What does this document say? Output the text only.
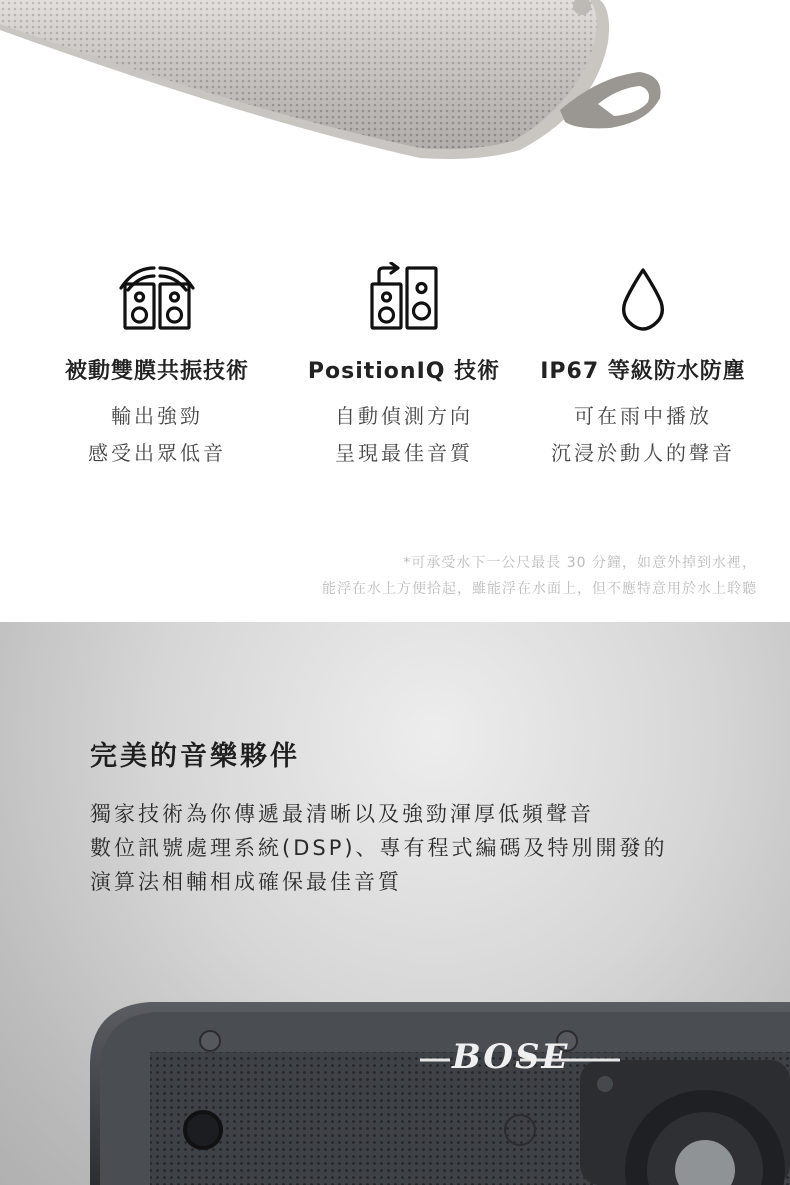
被動雙膜共振技術
輸出強勁
感受出眾低音
PositionIQ 技術
自動偵測方向
呈現最佳音質
IP67 等級防水防塵
可在雨中播放
沉浸於動人的聲音
*可承受水下一公尺最長 30 分鐘，如意外掉到水裡，
能浮在水上方便拾起，雖能浮在水面上，但不應特意用於水上聆聽
完美的音樂夥伴
獨家技術為你傳遞最清晰以及強勁渾厚低頻聲音
數位訊號處理系統(DSP)、專有程式編碼及特別開發的
演算法相輔相成確保最佳音質
BOSE
